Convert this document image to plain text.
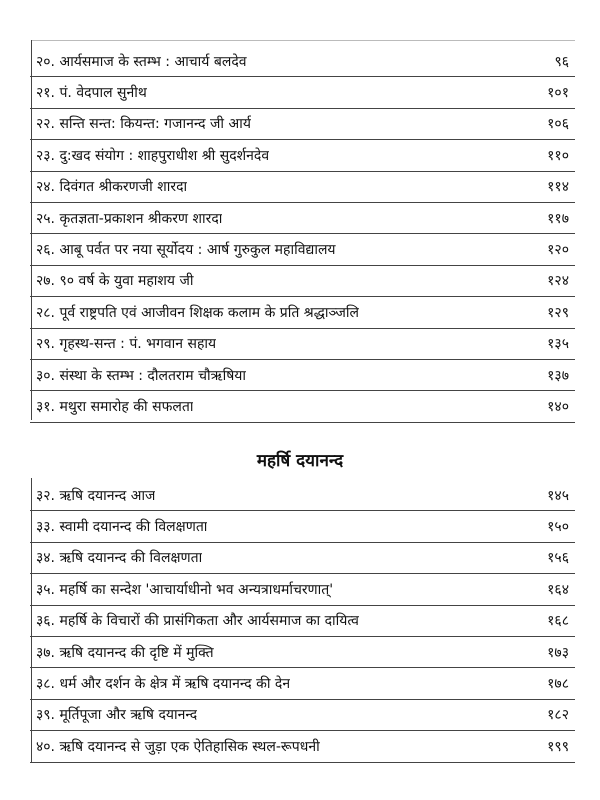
२०. आर्यसमाज के स्तम्भ : आचार्य बलदेव	९६
२१. पं. वेदपाल सुनीथ	१०१
२२. सन्ति सन्त: कियन्त: गजानन्द जी आर्य	१०६
२३. दु:खद संयोग : शाहपुराधीश श्री सुदर्शनदेव	११०
२४. दिवंगत श्रीकरणजी शारदा	११४
२५. कृतज्ञता-प्रकाशन श्रीकरण शारदा	११७
२६. आबू पर्वत पर नया सूर्योदय : आर्ष गुरुकुल महाविद्यालय	१२०
२७. ९० वर्ष के युवा महाशय जी	१२४
२८. पूर्व राष्ट्रपति एवं आजीवन शिक्षक कलाम के प्रति श्रद्धाञ्जलि	१२९
२९. गृहस्थ-सन्त : पं. भगवान सहाय	१३५
३०. संस्था के स्तम्भ : दौलतराम चौऋषिया	१३७
३१. मथुरा समारोह की सफलता	१४०
महर्षि दयानन्द
३२. ऋषि दयानन्द आज	१४५
३३. स्वामी दयानन्द की विलक्षणता	१५०
३४. ऋषि दयानन्द की विलक्षणता	१५६
३५. महर्षि का सन्देश 'आचार्याधीनो भव अन्यत्राधर्माचरणात्'	१६४
३६. महर्षि के विचारों की प्रासंगिकता और आर्यसमाज का दायित्व	१६८
३७. ऋषि दयानन्द की दृष्टि में मुक्ति	१७३
३८. धर्म और दर्शन के क्षेत्र में ऋषि दयानन्द की देन	१७८
३९. मूर्तिपूजा और ऋषि दयानन्द	१८२
४०. ऋषि दयानन्द से जुड़ा एक ऐतिहासिक स्थल-रूपधनी	१९९
